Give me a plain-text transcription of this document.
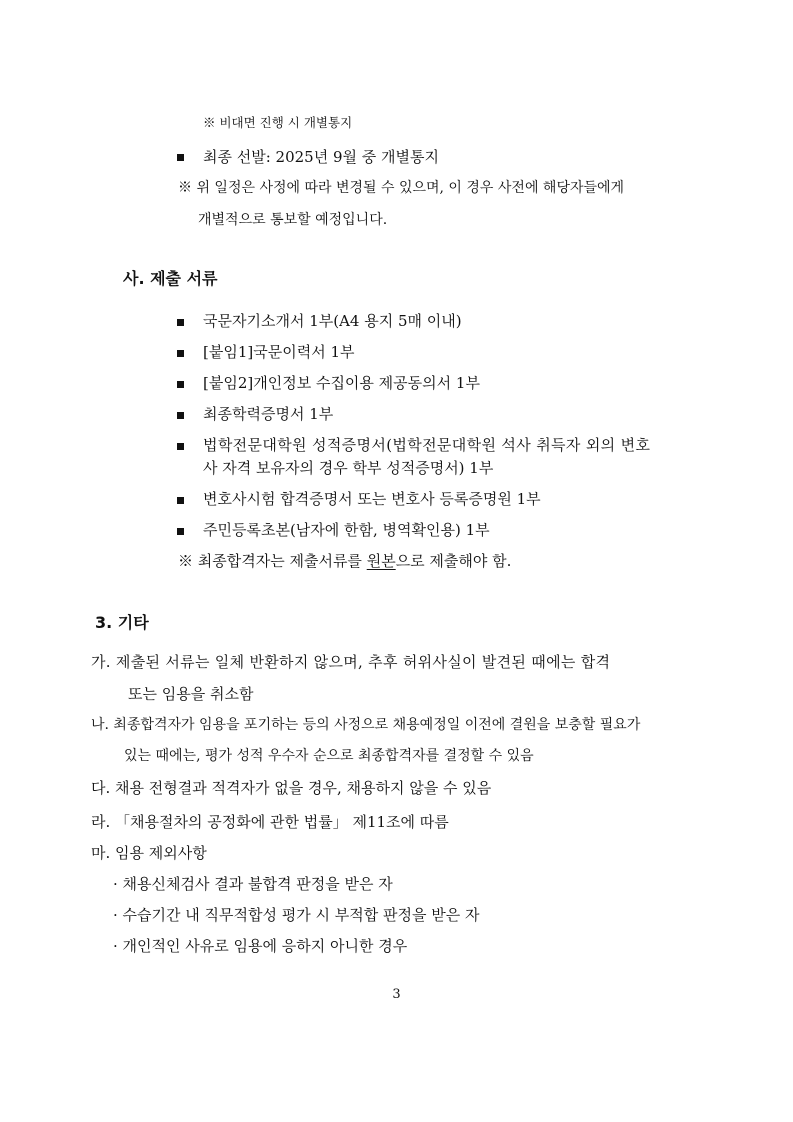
※ 비대면 진행 시 개별통지
최종 선발: 2025년 9월 중 개별통지
※ 위 일정은 사정에 따라 변경될 수 있으며, 이 경우 사전에 해당자들에게
개별적으로 통보할 예정입니다.
사. 제출 서류
국문자기소개서 1부(A4 용지 5매 이내)
[붙임1]국문이력서 1부
[붙임2]개인정보 수집이용 제공동의서 1부
최종학력증명서 1부
법학전문대학원 성적증명서(법학전문대학원 석사 취득자 외의 변호
사 자격 보유자의 경우 학부 성적증명서) 1부
변호사시험 합격증명서 또는 변호사 등록증명원 1부
주민등록초본(남자에 한함, 병역확인용) 1부
※ 최종합격자는 제출서류를 원본으로 제출해야 함.
3. 기타
가. 제출된 서류는 일체 반환하지 않으며, 추후 허위사실이 발견된 때에는 합격
또는 임용을 취소함
나. 최종합격자가 임용을 포기하는 등의 사정으로 채용예정일 이전에 결원을 보충할 필요가
있는 때에는, 평가 성적 우수자 순으로 최종합격자를 결정할 수 있음
다. 채용 전형결과 적격자가 없을 경우, 채용하지 않을 수 있음
라. 「채용절차의 공정화에 관한 법률」 제11조에 따름
마. 임용 제외사항
· 채용신체검사 결과 불합격 판정을 받은 자
· 수습기간 내 직무적합성 평가 시 부적합 판정을 받은 자
· 개인적인 사유로 임용에 응하지 아니한 경우
3
